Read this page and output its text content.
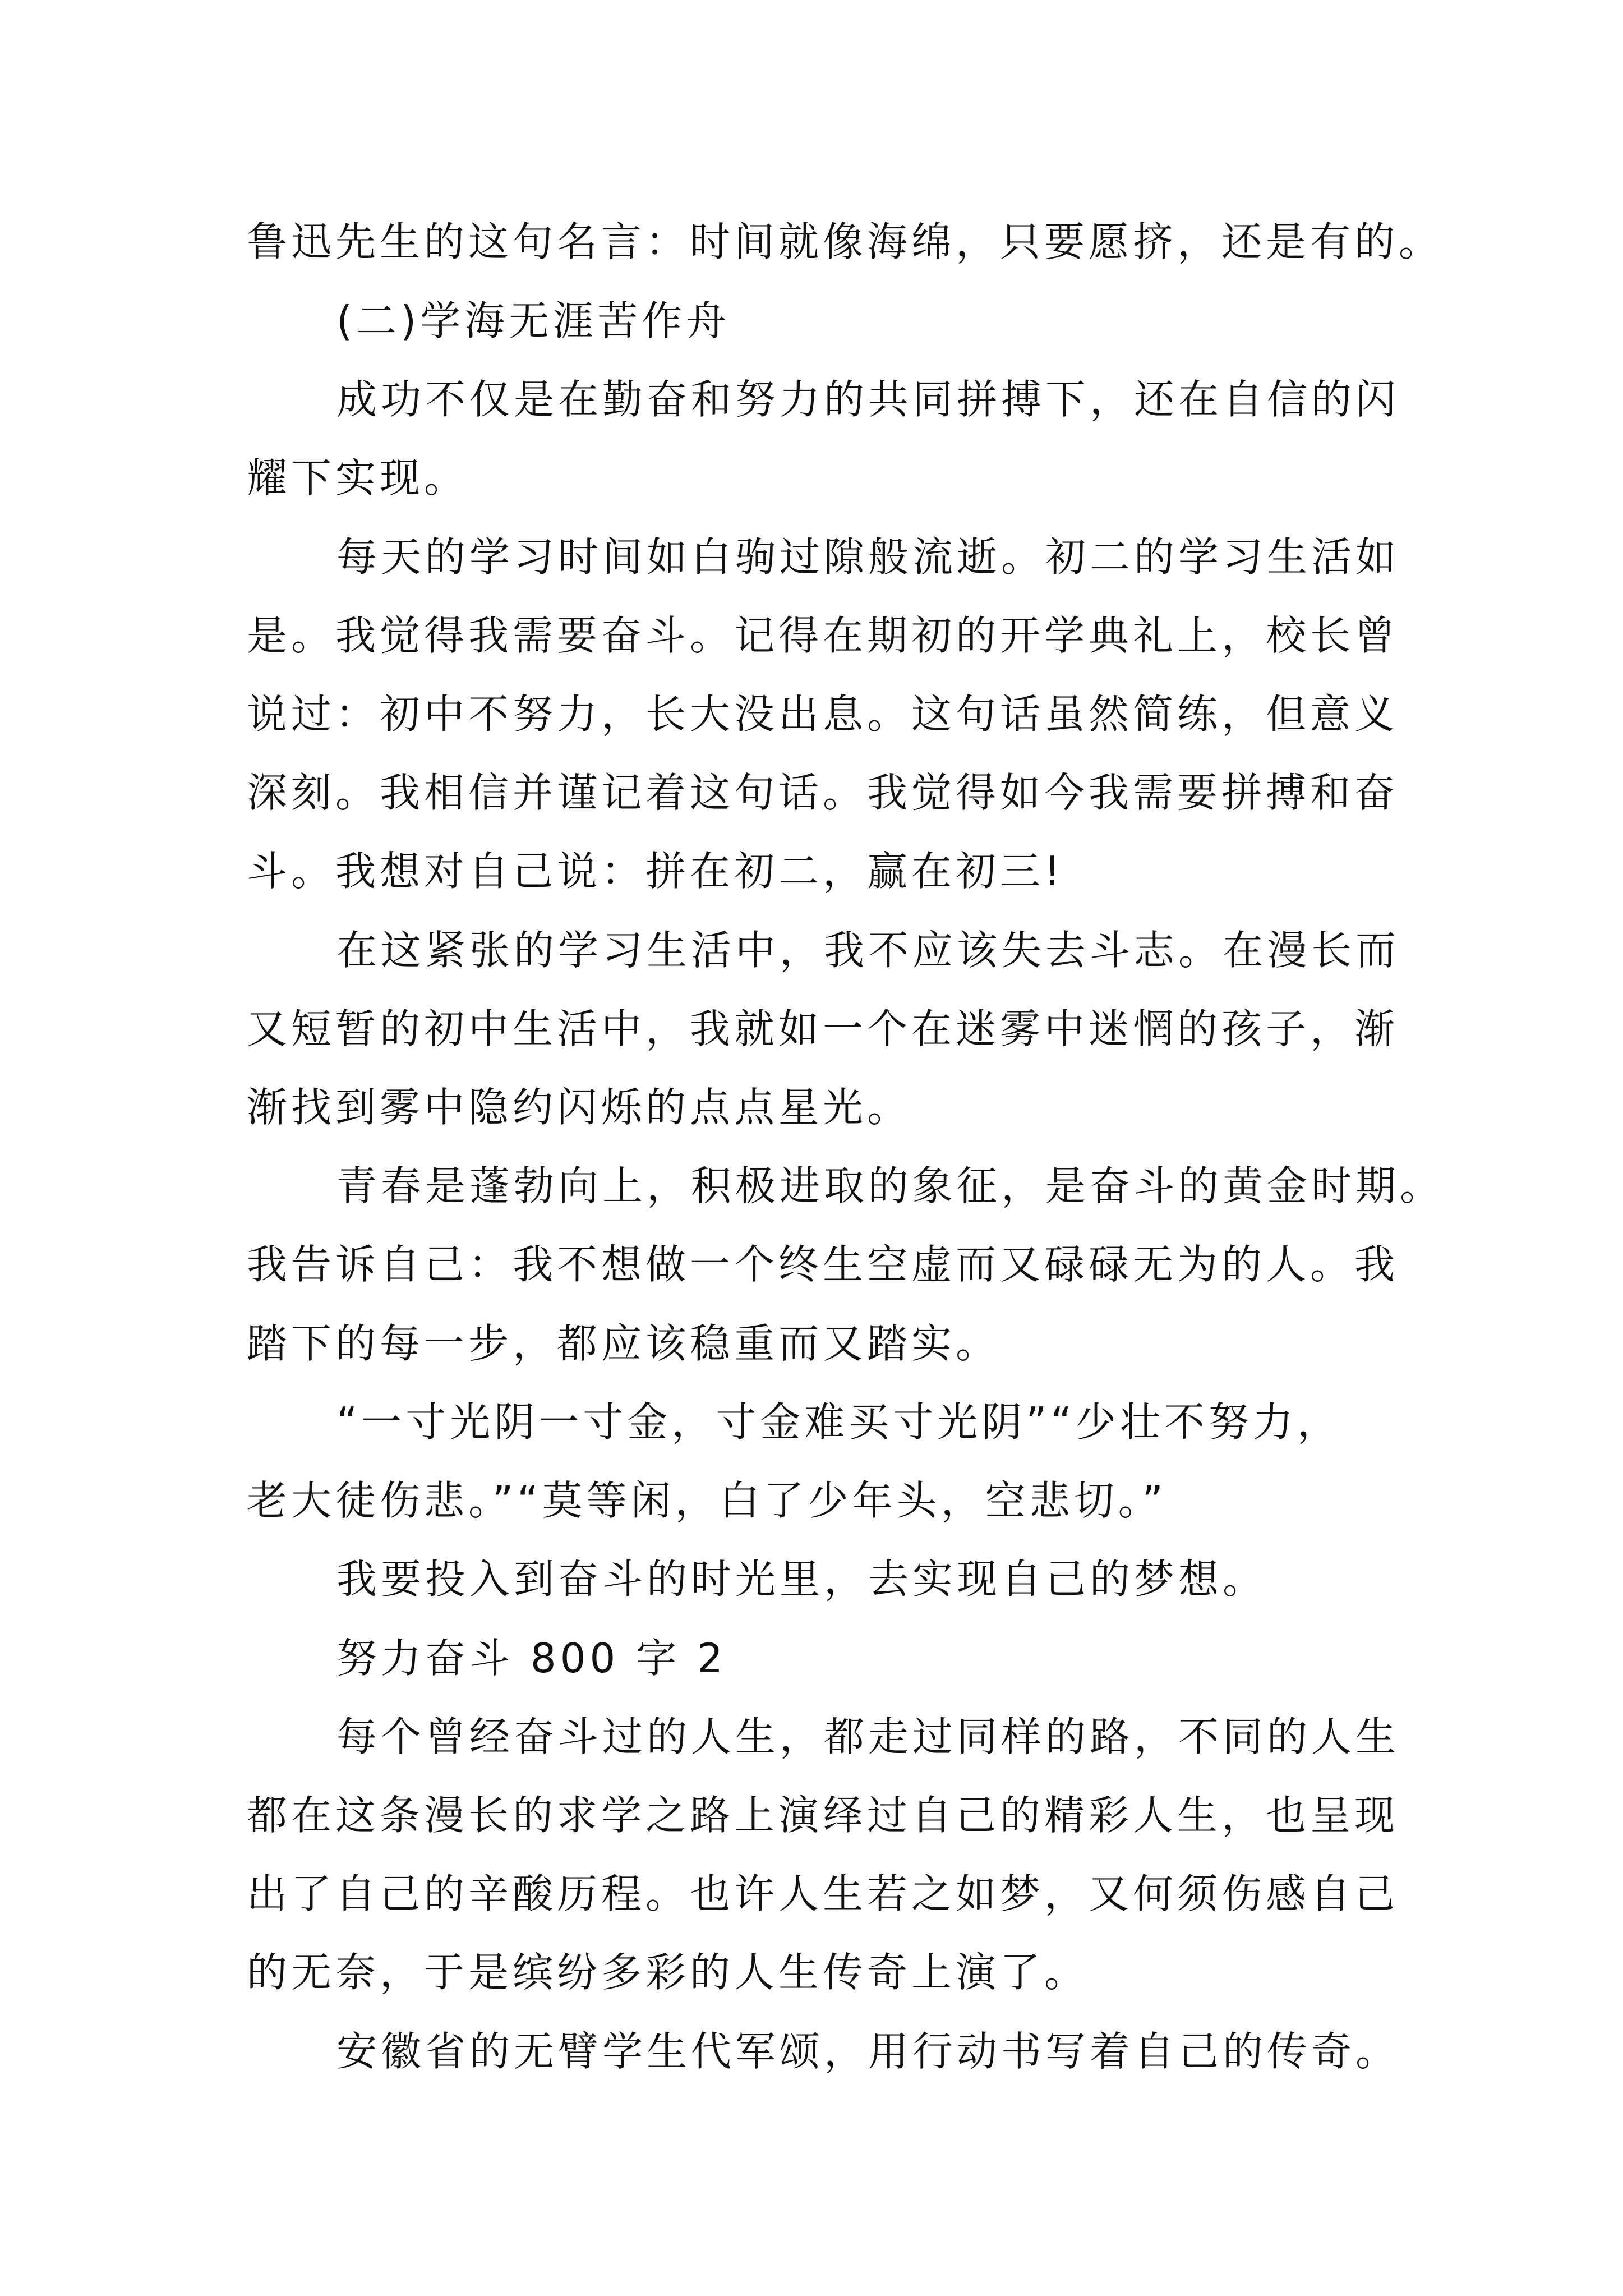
鲁迅先生的这句名言：时间就像海绵，只要愿挤，还是有的。
(二)学海无涯苦作舟
成功不仅是在勤奋和努力的共同拼搏下，还在自信的闪
耀下实现。
每天的学习时间如白驹过隙般流逝。初二的学习生活如
是。我觉得我需要奋斗。记得在期初的开学典礼上，校长曾
说过：初中不努力，长大没出息。这句话虽然简练，但意义
深刻。我相信并谨记着这句话。我觉得如今我需要拼搏和奋
斗。我想对自己说：拼在初二，赢在初三!
在这紧张的学习生活中，我不应该失去斗志。在漫长而
又短暂的初中生活中，我就如一个在迷雾中迷惘的孩子，渐
渐找到雾中隐约闪烁的点点星光。
青春是蓬勃向上，积极进取的象征，是奋斗的黄金时期。
我告诉自己：我不想做一个终生空虚而又碌碌无为的人。我
踏下的每一步，都应该稳重而又踏实。
“一寸光阴一寸金，寸金难买寸光阴”“少壮不努力，
老大徒伤悲。”“莫等闲，白了少年头，空悲切。”
我要投入到奋斗的时光里，去实现自己的梦想。
努力奋斗 800 字 2
每个曾经奋斗过的人生，都走过同样的路，不同的人生
都在这条漫长的求学之路上演绎过自己的精彩人生，也呈现
出了自己的辛酸历程。也许人生若之如梦，又何须伤感自己
的无奈，于是缤纷多彩的人生传奇上演了。
安徽省的无臂学生代军颂，用行动书写着自己的传奇。
